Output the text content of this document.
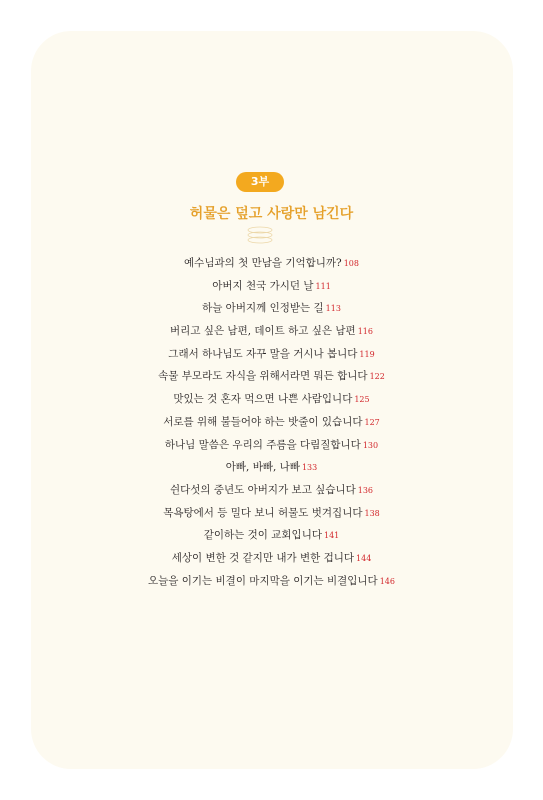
3부
허물은 덮고 사랑만 남긴다
예수님과의 첫 만남을 기억합니까? 108
아버지 천국 가시던 날 111
하늘 아버지께 인정받는 길 113
버리고 싶은 남편, 데이트 하고 싶은 남편 116
그래서 하나님도 자꾸 말을 거시나 봅니다 119
속물 부모라도 자식을 위해서라면 뭐든 합니다 122
맛있는 것 혼자 먹으면 나쁜 사람입니다 125
서로를 위해 불들어야 하는 밧줄이 있습니다 127
하나님 말씀은 우리의 주름을 다림질합니다 130
아빠, 바빠, 나빠 133
쉰다섯의 중년도 아버지가 보고 싶습니다 136
목욕탕에서 등 밀다 보니 허물도 벗겨집니다 138
같이하는 것이 교회입니다 141
세상이 변한 것 같지만 내가 변한 겁니다 144
오늘을 이기는 비결이 마지막을 이기는 비결입니다 146
